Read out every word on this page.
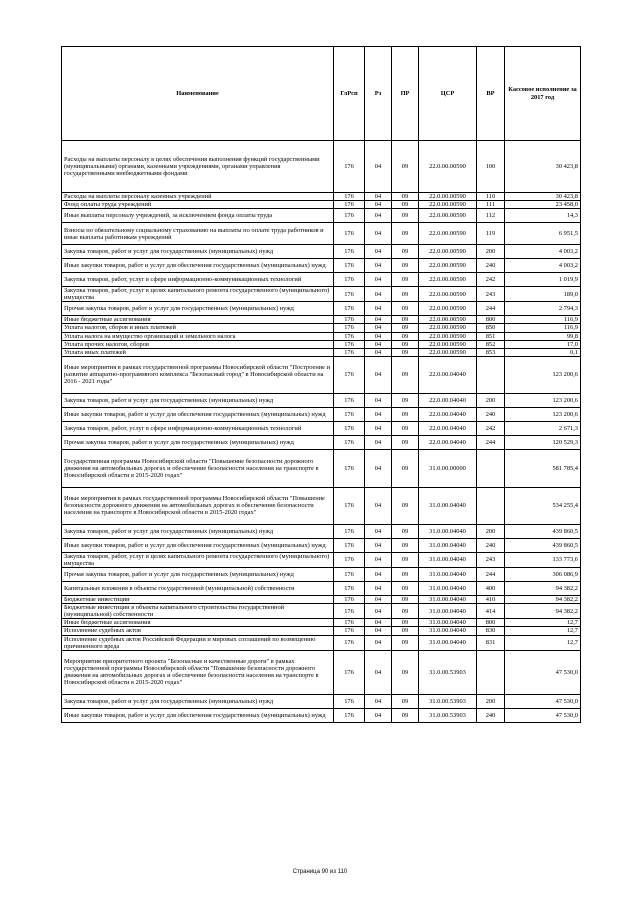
Наименование	ГлРсп	Рз	ПР	ЦСР	ВР	Кассовое исполнение за 2017 год
Расходы на выплаты персоналу в целях обеспечения выполнения функций государственными (муниципальными) органами, казенными учреждениями, органами управления государственными внебюджетными фондами	176	04	09	22.0.00.00590	100	30 423,8
Расходы на выплаты персоналу казенных учреждений	176	04	09	22.0.00.00590	110	30 423,8
Фонд оплаты труда учреждений	176	04	09	22.0.00.00590	111	23 458,0
Иные выплаты персоналу учреждений, за исключением фонда оплаты труда	176	04	09	22.0.00.00590	112	14,3
Взносы по обязательному социальному страхованию на выплаты по оплате труда работников и иные выплаты работникам учреждений	176	04	09	22.0.00.00590	119	6 951,5
Закупка товаров, работ и услуг для государственных (муниципальных) нужд	176	04	09	22.0.00.00590	200	4 003,2
Иные закупки товаров, работ и услуг для обеспечения государственных (муниципальных) нужд	176	04	09	22.0.00.00590	240	4 003,2
Закупка товаров, работ, услуг в сфере информационно-коммуникационных технологий	176	04	09	22.0.00.00590	242	1 019,9
Закупка товаров, работ, услуг в целях капитального ремонта государственного (муниципального) имущества	176	04	09	22.0.00.00590	243	189,0
Прочая закупка товаров, работ и услуг для государственных (муниципальных) нужд	176	04	09	22.0.00.00590	244	2 794,3
Иные бюджетные ассигнования	176	04	09	22.0.00.00590	800	116,9
Уплата налогов, сборов и иных платежей	176	04	09	22.0.00.00590	850	116,9
Уплата налога на имущество организаций и земельного налога	176	04	09	22.0.00.00590	851	99,8
Уплата прочих налогов, сборов	176	04	09	22.0.00.00590	852	17,0
Уплата иных платежей	176	04	09	22.0.00.00590	853	0,1
Иные мероприятия в рамках государственной программы Новосибирской области "Построение и развитие аппаратно-программного комплекса "Безопасный город" в Новосибирской области на 2016 - 2021 годы"	176	04	09	22.0.00.04040		123 200,6
Закупка товаров, работ и услуг для государственных (муниципальных) нужд	176	04	09	22.0.00.04040	200	123 200,6
Иные закупки товаров, работ и услуг для обеспечения государственных (муниципальных) нужд	176	04	09	22.0.00.04040	240	123 200,6
Закупка товаров, работ, услуг в сфере информационно-коммуникационных технологий	176	04	09	22.0.00.04040	242	2 671,3
Прочая закупка товаров, работ и услуг для государственных (муниципальных) нужд	176	04	09	22.0.00.04040	244	120 529,3
Государственная программа Новосибирской области "Повышение безопасности дорожного движения на автомобильных дорогах и обеспечение безопасности населения на транспорте в Новосибирской области в 2015-2020 годах"	176	04	09	31.0.00.00000		581 785,4
Иные мероприятия в рамках государственной программы Новосибирской области "Повышение безопасности дорожного движения на автомобильных дорогах и обеспечение безопасности населения на транспорте в Новосибирской области в 2015-2020 годах"	176	04	09	31.0.00.04040		534 255,4
Закупка товаров, работ и услуг для государственных (муниципальных) нужд	176	04	09	31.0.00.04040	200	439 860,5
Иные закупки товаров, работ и услуг для обеспечения государственных (муниципальных) нужд	176	04	09	31.0.00.04040	240	439 860,5
Закупка товаров, работ, услуг в целях капитального ремонта государственного (муниципального) имущества	176	04	09	31.0.00.04040	243	133 773,6
Прочая закупка товаров, работ и услуг для государственных (муниципальных) нужд	176	04	09	31.0.00.04040	244	306 086,9
Капитальные вложения в объекты государственной (муниципальной) собственности	176	04	09	31.0.00.04040	400	94 382,2
Бюджетные инвестиции	176	04	09	31.0.00.04040	410	94 382,2
Бюджетные инвестиции в объекты капитального строительства государственной (муниципальной) собственности	176	04	09	31.0.00.04040	414	94 382,2
Иные бюджетные ассигнования	176	04	09	31.0.00.04040	800	12,7
Исполнение судебных актов	176	04	09	31.0.00.04040	830	12,7
Исполнение судебных актов Российской Федерации и мировых соглашений по возмещению причиненного вреда	176	04	09	31.0.00.04040	831	12,7
Мероприятия приоритетного проекта "Безопасные и качественные дороги" в рамках государственной программы Новосибирской области "Повышение безопасности дорожного движения на автомобильных дорогах и обеспечение безопасности населения на транспорте в Новосибирской области в 2015-2020 годах"	176	04	09	31.0.00.53903		47 530,0
Закупка товаров, работ и услуг для государственных (муниципальных) нужд	176	04	09	31.0.00.53903	200	47 530,0
Иные закупки товаров, работ и услуг для обеспечения государственных (муниципальных) нужд	176	04	09	31.0.00.53903	240	47 530,0
Страница 90 из 110
